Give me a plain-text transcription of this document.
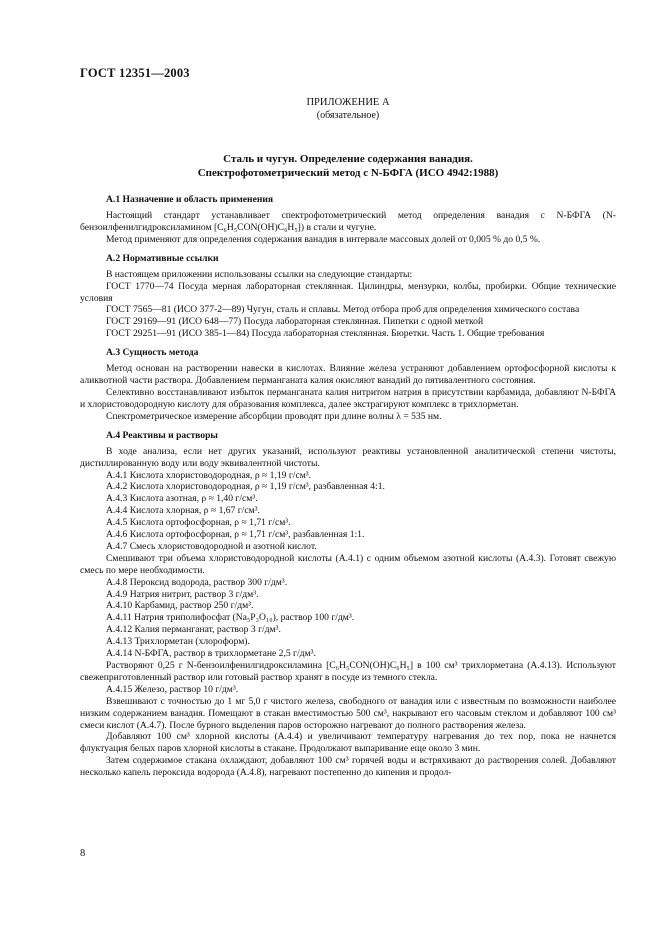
ГОСТ 12351—2003
ПРИЛОЖЕНИЕ А
(обязательное)
Сталь и чугун. Определение содержания ванадия.
Спектрофотометрический метод с N-БФГА (ИСО 4942:1988)
А.1 Назначение и область применения

Настоящий стандарт устанавливает спектрофотометрический метод определения ванадия с N-БФГА (N-бензоилфенилгидроксиламином [C₆H₅CON(OH)C₆H₅]) в стали и чугуне.

Метод применяют для определения содержания ванадия в интервале массовых долей от 0,005 % до 0,5 %.

А.2 Нормативные ссылки

В настоящем приложении использованы ссылки на следующие стандарты:

ГОСТ 1770—74 Посуда мерная лабораторная стеклянная. Цилиндры, мензурки, колбы, пробирки. Общие технические условия

ГОСТ 7565—81 (ИСО 377-2—89) Чугун, сталь и сплавы. Метод отбора проб для определения химического состава

ГОСТ 29169—91 (ИСО 648—77) Посуда лабораторная стеклянная. Пипетки с одной меткой

ГОСТ 29251—91 (ИСО 385-1—84) Посуда лабораторная стеклянная. Бюретки. Часть 1. Общие требования

А.3 Сущность метода

Метод основан на растворении навески в кислотах. Влияние железа устраняют добавлением ортофосфорной кислоты к аликвотной части раствора. Добавлением перманганата калия окисляют ванадий до пятивалентного состояния.

Селективно восстанавливают избыток перманганата калия нитритом натрия в присутствии карбамида, добавляют N-БФГА и хлористоводородную кислоту для образования комплекса, далее экстрагируют комплекс в трихлорметан.

Спектрометрическое измерение абсорбции проводят при длине волны λ = 535 нм.

А.4 Реактивы и растворы

В ходе анализа, если нет других указаний, используют реактивы установленной аналитической степени чистоты, дистиллированную воду или воду эквивалентной чистоты.

А.4.1 Кислота хлористоводородная, ρ ≈ 1,19 г/см³.

А.4.2 Кислота хлористоводородная, ρ ≈ 1,19 г/см³, разбавленная 4:1.

А.4.3 Кислота азотная, ρ ≈ 1,40 г/см³.

А.4.4 Кислота хлорная, ρ ≈ 1,67 г/см³.

А.4.5 Кислота ортофосфорная, ρ ≈ 1,71 г/см³.

А.4.6 Кислота ортофосфорная, ρ ≈ 1,71 г/см³, разбавленная 1:1.

А.4.7 Смесь хлористоводородной и азотной кислот.

Смешивают три объема хлористоводородной кислоты (А.4.1) с одним объемом азотной кислоты (А.4.3). Готовят свежую смесь по мере необходимости.

А.4.8 Пероксид водорода, раствор 300 г/дм³.

А.4.9 Натрия нитрит, раствор 3 г/дм³.

А.4.10 Карбамид, раствор 250 г/дм³.

А.4.11 Натрия триполифосфат (Na₅P₃O₁₀), раствор 100 г/дм³.

А.4.12 Калия перманганат, раствор 3 г/дм³.

А.4.13 Трихлорметан (хлороформ).

А.4.14 N-БФГА, раствор в трихлорметане 2,5 г/дм³.

Растворяют 0,25 г N-бензоилфенилгидроксиламина [C₆H₅CON(OH)C₆H₅] в 100 см³ трихлорметана (А.4.13). Используют свежеприготовленный раствор или готовый раствор хранят в посуде из темного стекла.

А.4.15 Железо, раствор 10 г/дм³.

Взвешивают с точностью до 1 мг 5,0 г чистого железа, свободного от ванадия или с известным по возможности наиболее низким содержанием ванадия. Помещают в стакан вместимостью 500 см³, накрывают его часовым стеклом и добавляют 100 см³ смеси кислот (А.4.7). После бурного выделения паров осторожно нагревают до полного растворения железа.

Добавляют 100 см³ хлорной кислоты (А.4.4) и увеличивают температуру нагревания до тех пор, пока не начнется флуктуация белых паров хлорной кислоты в стакане. Продолжают выпаривание еще около 3 мин.

Затем содержимое стакана охлаждают, добавляют 100 см³ горячей воды и встряхивают до растворения солей. Добавляют несколько капель пероксида водорода (А.4.8), нагревают постепенно до кипения и продол-

8
